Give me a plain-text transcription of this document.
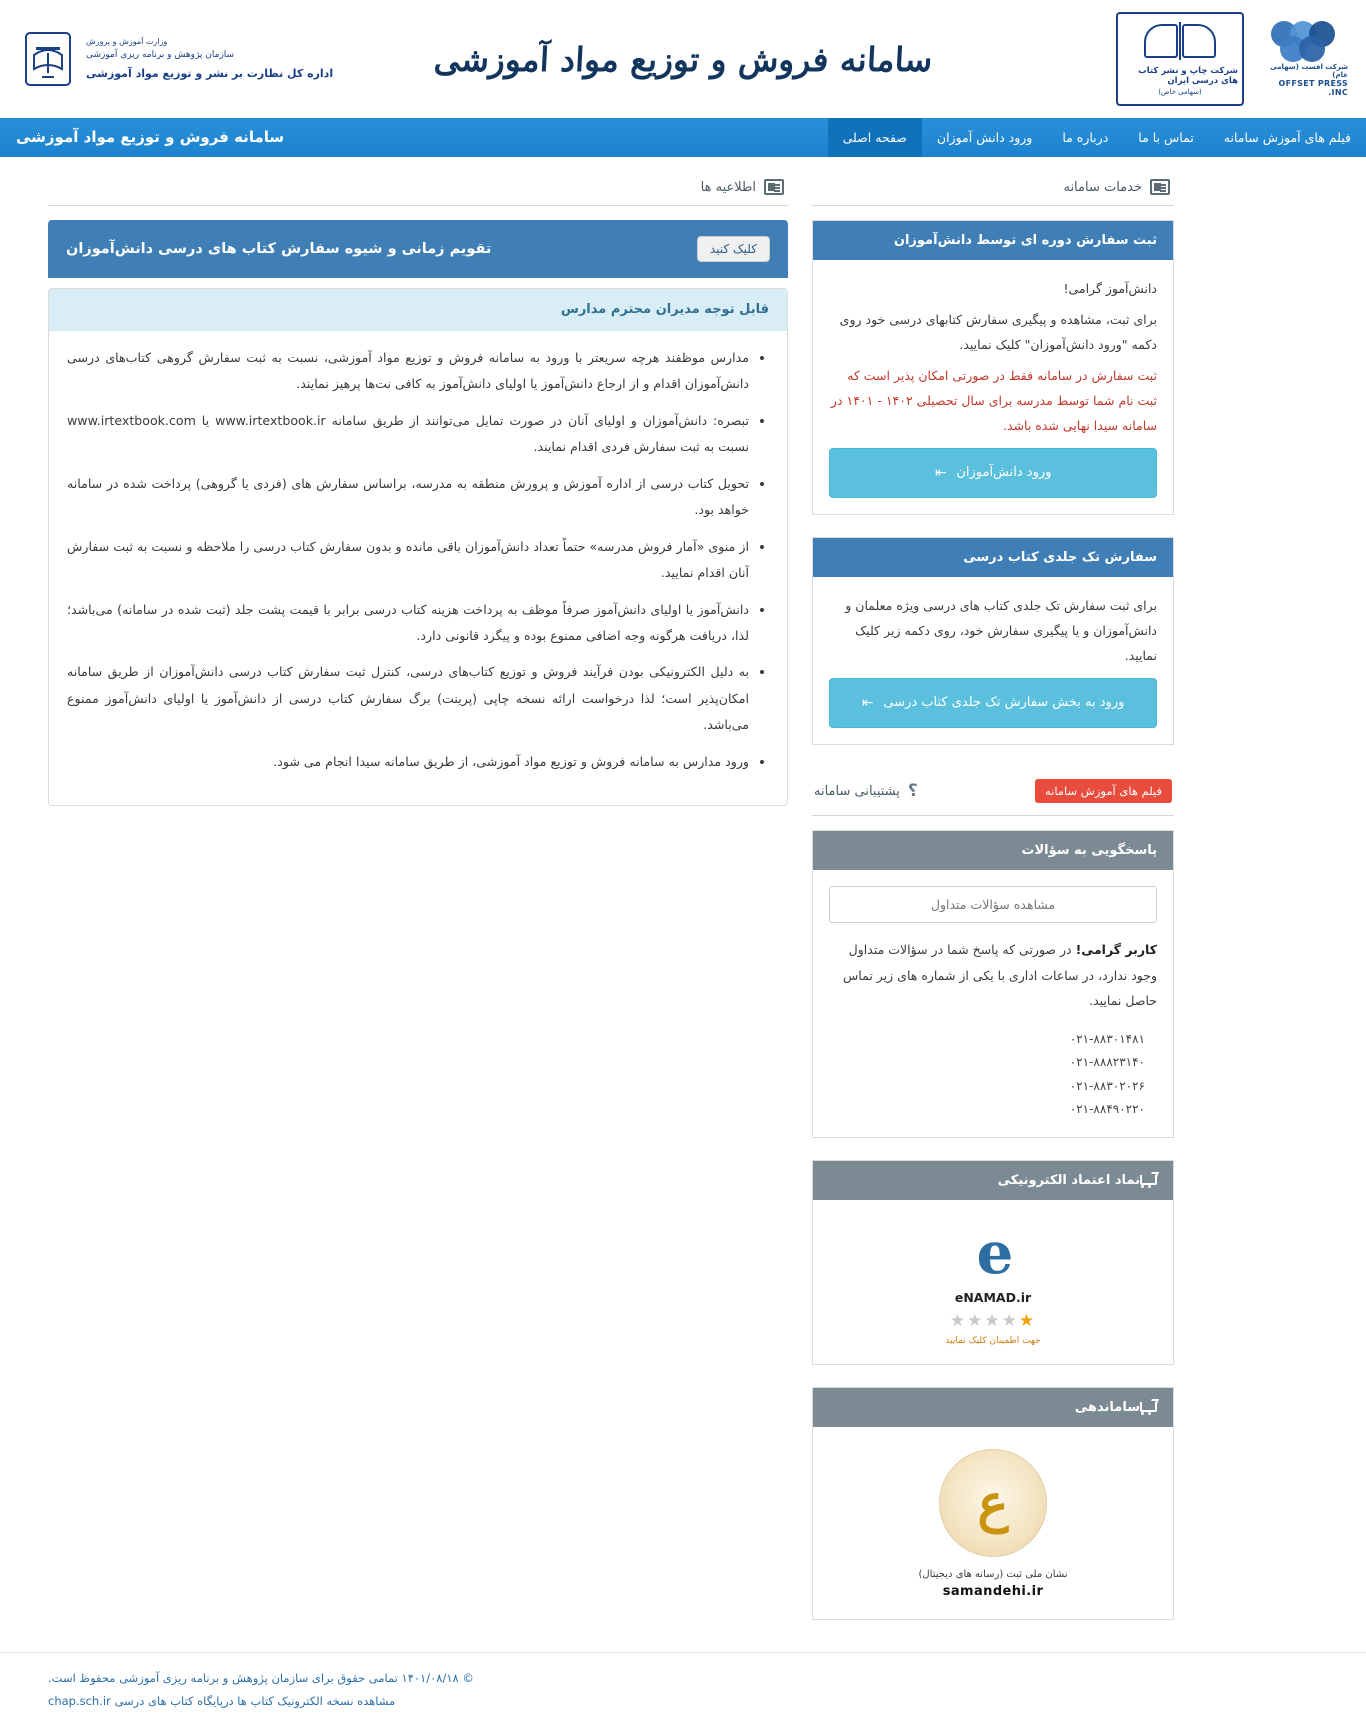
شرکت افست (سهامی عام)
OFFSET PRESS INC.
شرکت چاپ و نشر کتاب های درسی ایران
(سهامی خاص)
سامانه فروش و توزیع مواد آموزشی
وزارت آموزش و پرورش
سازمان پژوهش و برنامه ریزی آموزشی
اداره کل نظارت بر نشر و توزیع مواد آموزشی
فیلم های آموزش سامانه
تماس با ما
درباره ما
ورود دانش آموزان
صفحه اصلی
سامانه فروش و توزیع مواد آموزشی
اطلاعیه ها
تقویم زمانی و شیوه سفارش کتاب های درسی دانش‌آموزان	کلیک کنید
قابل توجه مدیران محترم مدارس
• مدارس موظفند هرچه سریعتر با ورود به سامانه فروش و توزیع مواد آموزشی، نسبت به ثبت سفارش گروهی کتاب‌های درسی دانش‌آموزان اقدام و از ارجاع دانش‌آموز یا اولیای دانش‌آموز به کافی نت‌ها پرهیز نمایند.
• تبصره: دانش‌آموزان و اولیای آنان در صورت تمایل می‌توانند از طریق سامانه www.irtextbook.ir یا www.irtextbook.com نسبت به ثبت سفارش فردی اقدام نمایند.
• تحویل کتاب درسی از اداره آموزش و پرورش منطقه به مدرسه، براساس سفارش های (فردی یا گروهی) پرداخت شده در سامانه خواهد بود.
• از منوی «آمار فروش مدرسه» حتماً تعداد دانش‌آموزان باقی مانده و بدون سفارش کتاب درسی را ملاحظه و نسبت به ثبت سفارش آنان اقدام نمایید.
• دانش‌آموز یا اولیای دانش‌آموز صرفاً موظف به پرداخت هزینه کتاب درسی برابر با قیمت پشت جلد (ثبت شده در سامانه) می‌باشد؛ لذا، دریافت هرگونه وجه اضافی ممنوع بوده و پیگرد قانونی دارد.
• به دلیل الکترونیکی بودن فرآیند فروش و توزیع کتاب‌های درسی، کنترل ثبت سفارش کتاب درسی دانش‌آموزان از طریق سامانه امکان‌پذیر است؛ لذا درخواست ارائه نسخه چاپی (پرینت) برگ سفارش کتاب درسی از دانش‌آموز یا اولیای دانش‌آموز ممنوع می‌باشد.
• ورود مدارس به سامانه فروش و توزیع مواد آموزشی، از طریق سامانه سیدا انجام می شود.
خدمات سامانه
ثبت سفارش دوره ای توسط دانش‌آموزان

دانش‌آموز گرامی!

برای ثبت، مشاهده و پیگیری سفارش کتابهای درسی خود روی دکمه "ورود دانش‌آموزان" کلیک نمایید.

ثبت سفارش در سامانه فقط در صورتی امکان پذیر است که ثبت نام شما توسط مدرسه برای سال تحصیلی ۱۴۰۲ - ۱۴۰۱ در سامانه سیدا نهایی شده باشد.

ورود دانش‌آموزان
⇥
سفارش تک جلدی کتاب درسی

برای ثبت سفارش تک جلدی کتاب های درسی ویژه معلمان و دانش‌آموزان و یا پیگیری سفارش خود، روی دکمه زیر کلیک نمایید.

ورود به بخش سفارش تک جلدی کتاب درسی
⇥
پشتیبانی سامانه ؟	فیلم های آموزش سامانه
پاسخگویی به سؤالات
مشاهده سؤالات متداول
کاربر گرامی! در صورتی که پاسخ شما در سؤالات متداول وجود ندارد، در ساعات اداری با یکی از شماره های زیر تماس حاصل نمایید.
۰۲۱-۸۸۳۰۱۴۸۱
۰۲۱-۸۸۸۲۳۱۴۰
۰۲۱-۸۸۳۰۲۰۲۶
۰۲۱-۸۸۴۹۰۲۲۰
نماد اعتماد الکترونیکی
e
eNAMAD.ir
★★★★★
جهت اطمینان کلیک نمایید
ساماندهی
ع
نشان ملی ثبت (رسانه های دیجیتال)
samandehi.ir
© ۱۴۰۱/۰۸/۱۸ تمامی حقوق برای سازمان پژوهش و برنامه ریزی آموزشی محفوظ است.
مشاهده نسخه الکترونیک کتاب ها درپایگاه کتاب های درسی chap.sch.ir
